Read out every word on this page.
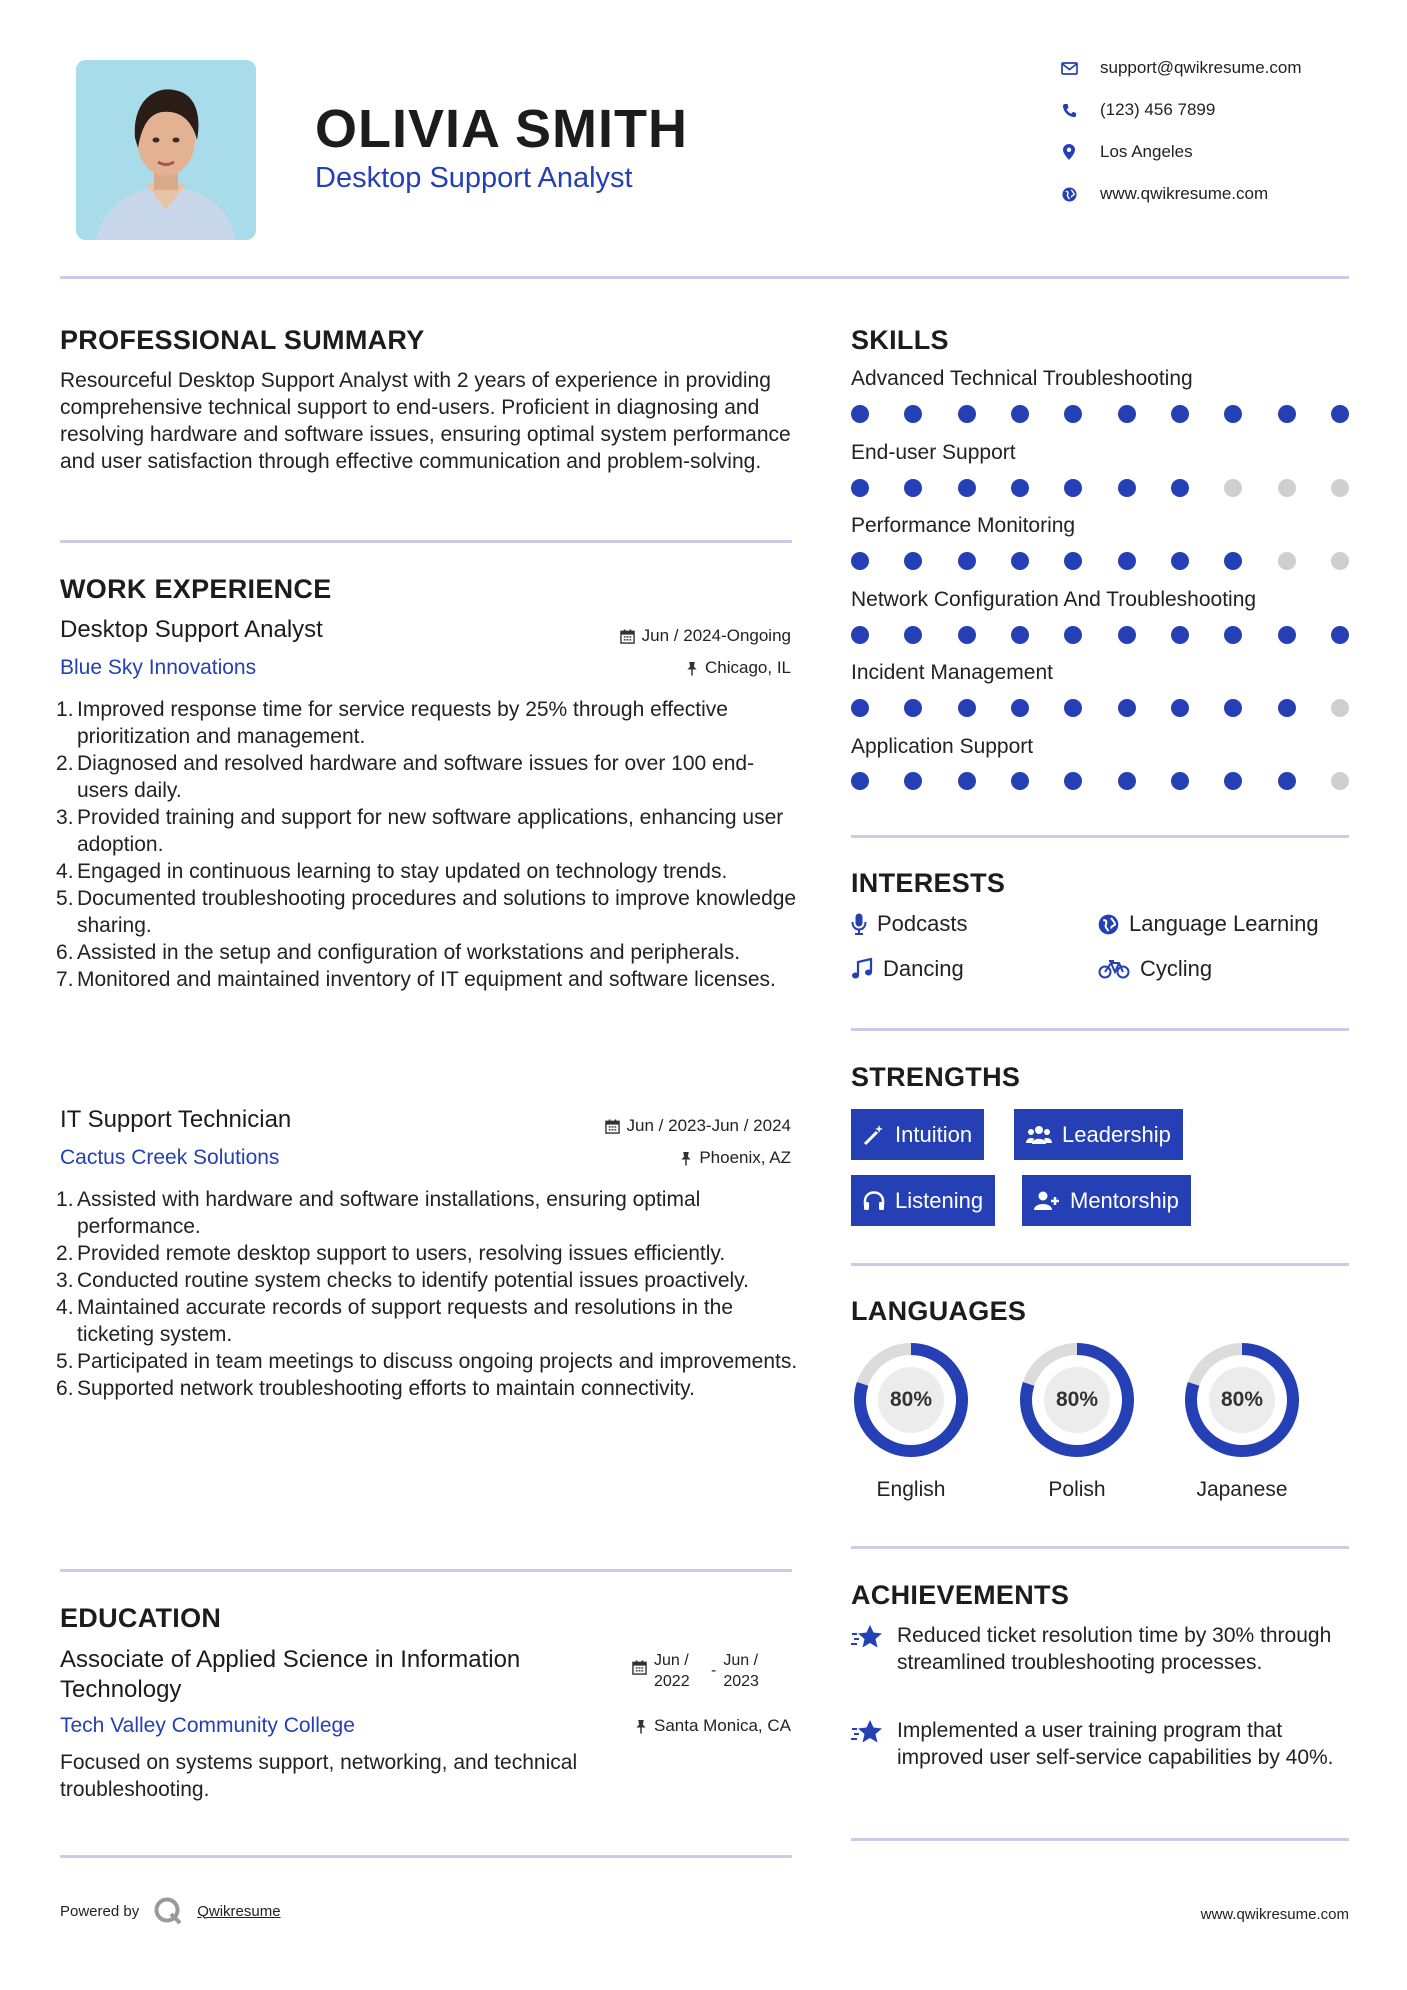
OLIVIA SMITH
Desktop Support Analyst
support@qwikresume.com
(123) 456 7899
Los Angeles
www.qwikresume.com
PROFESSIONAL SUMMARY
Resourceful Desktop Support Analyst with 2 years of experience in providing comprehensive technical support to end-users. Proficient in diagnosing and resolving hardware and software issues, ensuring optimal system performance and user satisfaction through effective communication and problem-solving.
WORK EXPERIENCE
Desktop Support Analyst	Jun / 2024-Ongoing
Blue Sky Innovations	Chicago, IL
Improved response time for service requests by 25% through effective prioritization and management.
Diagnosed and resolved hardware and software issues for over 100 end-users daily.
Provided training and support for new software applications, enhancing user adoption.
Engaged in continuous learning to stay updated on technology trends.
Documented troubleshooting procedures and solutions to improve knowledge sharing.
Assisted in the setup and configuration of workstations and peripherals.
Monitored and maintained inventory of IT equipment and software licenses.
IT Support Technician	Jun / 2023-Jun / 2024
Cactus Creek Solutions	Phoenix, AZ
Assisted with hardware and software installations, ensuring optimal performance.
Provided remote desktop support to users, resolving issues efficiently.
Conducted routine system checks to identify potential issues proactively.
Maintained accurate records of support requests and resolutions in the ticketing system.
Participated in team meetings to discuss ongoing projects and improvements.
Supported network troubleshooting efforts to maintain connectivity.
EDUCATION
Associate of Applied Science in Information Technology
Jun / 2022
-
Jun / 2023
Tech Valley Community College	Santa Monica, CA
Focused on systems support, networking, and technical troubleshooting.
SKILLS
Advanced Technical Troubleshooting
End-user Support
Performance Monitoring
Network Configuration And Troubleshooting
Incident Management
Application Support
INTERESTS
Podcasts	Language Learning
Dancing	Cycling
STRENGTHS
Intuition	Leadership
Listening	Mentorship
LANGUAGES
80%
English
80%
Polish
80%
Japanese
ACHIEVEMENTS
Reduced ticket resolution time by 30% through streamlined troubleshooting processes.
Implemented a user training program that improved user self-service capabilities by 40%.
Powered by	Qwikresume	www.qwikresume.com
